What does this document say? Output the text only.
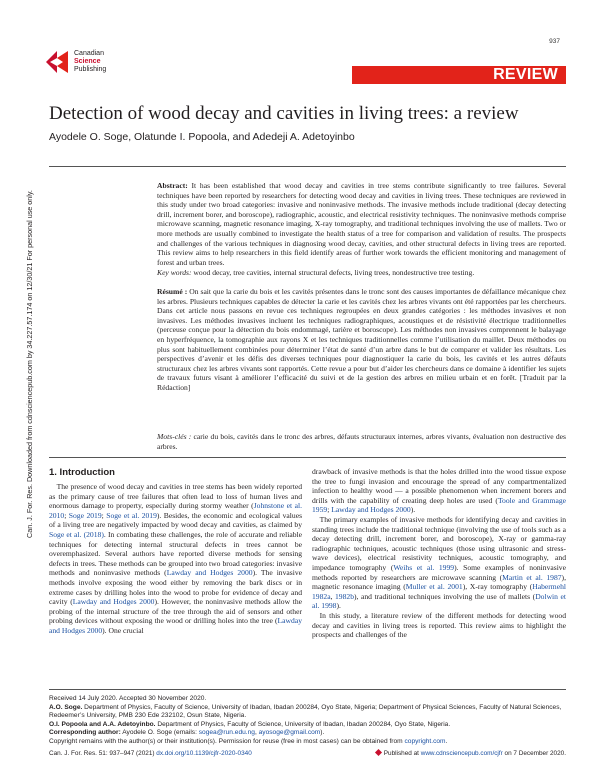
937
Canadian
Science
Publishing	REVIEW
Detection of wood decay and cavities in living trees: a review
Ayodele O. Soge, Olatunde I. Popoola, and Adedeji A. Adetoyinbo
Can. J. For. Res. Downloaded from cdnsciencepub.com by 34.227.57.174 on 12/30/21 For personal use only.
Abstract: It has been established that wood decay and cavities in tree stems contribute significantly to tree failures. Several techniques have been reported by researchers for detecting wood decay and cavities in living trees. These techniques are reviewed in this study under two broad categories: invasive and noninvasive methods. The invasive methods include traditional (decay detecting drill, increment borer, and boroscope), radiographic, acoustic, and electrical resistivity techniques. The noninvasive methods comprise microwave scanning, magnetic resonance imaging, X-ray tomography, and traditional techniques involving the use of mallets. Two or more methods are usually combined to investigate the health status of a tree for comparison and validation of results. The prospects and challenges of the various techniques in diagnosing wood decay, cavities, and other structural defects in living trees are reported. This review aims to help researchers in this field identify areas of further work towards the efficient monitoring and management of forest and urban trees.
Key words: wood decay, tree cavities, internal structural defects, living trees, nondestructive tree testing.
Résumé : On sait que la carie du bois et les cavités présentes dans le tronc sont des causes importantes de défaillance mécanique chez les arbres. Plusieurs techniques capables de détecter la carie et les cavités chez les arbres vivants ont été rapportées par les chercheurs. Dans cet article nous passons en revue ces techniques regroupées en deux grandes catégories : les méthodes invasives et non invasives. Les méthodes invasives incluent les techniques radiographiques, acoustiques et de résistivité électrique traditionnelles (perceuse conçue pour la détection du bois endommagé, tarière et boroscope). Les méthodes non invasives comprennent le balayage en hyperfréquence, la tomographie aux rayons X et les techniques traditionnelles comme l’utilisation du maillet. Deux méthodes ou plus sont habituellement combinées pour déterminer l’état de santé d’un arbre dans le but de comparer et valider les résultats. Les perspectives d’avenir et les défis des diverses techniques pour diagnostiquer la carie du bois, les cavités et les autres défauts structuraux chez les arbres vivants sont rapportés. Cette revue a pour but d’aider les chercheurs dans ce domaine à identifier les sujets de travaux futurs visant à améliorer l’efficacité du suivi et de la gestion des arbres en milieu urbain et en forêt. [Traduit par la Rédaction]
Mots-clés : carie du bois, cavités dans le tronc des arbres, défauts structuraux internes, arbres vivants, évaluation non destructive des arbres.
1. Introduction
 The presence of wood decay and cavities in tree stems has been widely reported as the primary cause of tree failures that often lead to loss of human lives and enormous damage to property, especially during stormy weather (Johnstone et al. 2010; Soge 2019; Soge et al. 2019). Besides, the economic and ecological values of a living tree are negatively impacted by wood decay and cavities, as claimed by Soge et al. (2018). In combating these challenges, the role of accurate and reliable techniques for detecting internal structural defects in trees cannot be overemphasized. Several authors have reported diverse methods for sensing defects in trees. These methods can be grouped into two broad categories: invasive methods and noninvasive methods (Lawday and Hodges 2000). The invasive methods involve exposing the wood either by removing the bark discs or in extreme cases by drilling holes into the wood to probe for evidence of decay and cavity (Lawday and Hodges 2000). However, the noninvasive methods allow the probing of the internal structure of the tree through the aid of sensors and other probing devices without exposing the wood or drilling holes into the tree (Lawday and Hodges 2000). One crucial
drawback of invasive methods is that the holes drilled into the wood tissue expose the tree to fungi invasion and encourage the spread of any compartmentalized infection to healthy wood — a possible phenomenon when increment borers and drills with the capability of creating deep holes are used (Toole and Grammage 1959; Lawday and Hodges 2000).
 The primary examples of invasive methods for identifying decay and cavities in standing trees include the traditional technique (involving the use of tools such as a decay detecting drill, increment borer, and boroscope), X-ray or gamma-ray radiographic techniques, acoustic techniques (those using ultrasonic and stress-wave devices), electrical resistivity techniques, acoustic tomography, and impedance tomography (Weihs et al. 1999). Some examples of noninvasive methods reported by researchers are microwave scanning (Martin et al. 1987), magnetic resonance imaging (Muller et al. 2001), X-ray tomography (Habermehl 1982a, 1982b), and traditional techniques involving the use of mallets (Dolwin et al. 1998).
 In this study, a literature review of the different methods for detecting wood decay and cavities in living trees is reported. This review aims to highlight the prospects and challenges of the
Received 14 July 2020. Accepted 30 November 2020.
A.O. Soge. Department of Physics, Faculty of Science, University of Ibadan, Ibadan 200284, Oyo State, Nigeria; Department of Physical Sciences, Faculty of Natural Sciences, Redeemer’s University, PMB 230 Ede 232102, Osun State, Nigeria.
O.I. Popoola and A.A. Adetoyinbo. Department of Physics, Faculty of Science, University of Ibadan, Ibadan 200284, Oyo State, Nigeria.
Corresponding author: Ayodele O. Soge (emails: sogea@run.edu.ng, ayosoge@gmail.com).
Copyright remains with the author(s) or their institution(s). Permission for reuse (free in most cases) can be obtained from copyright.com.
Can. J. For. Res. 51: 937–947 (2021) dx.doi.org/10.1139/cjfr-2020-0340	Published at www.cdnsciencepub.com/cjfr on 7 December 2020.
